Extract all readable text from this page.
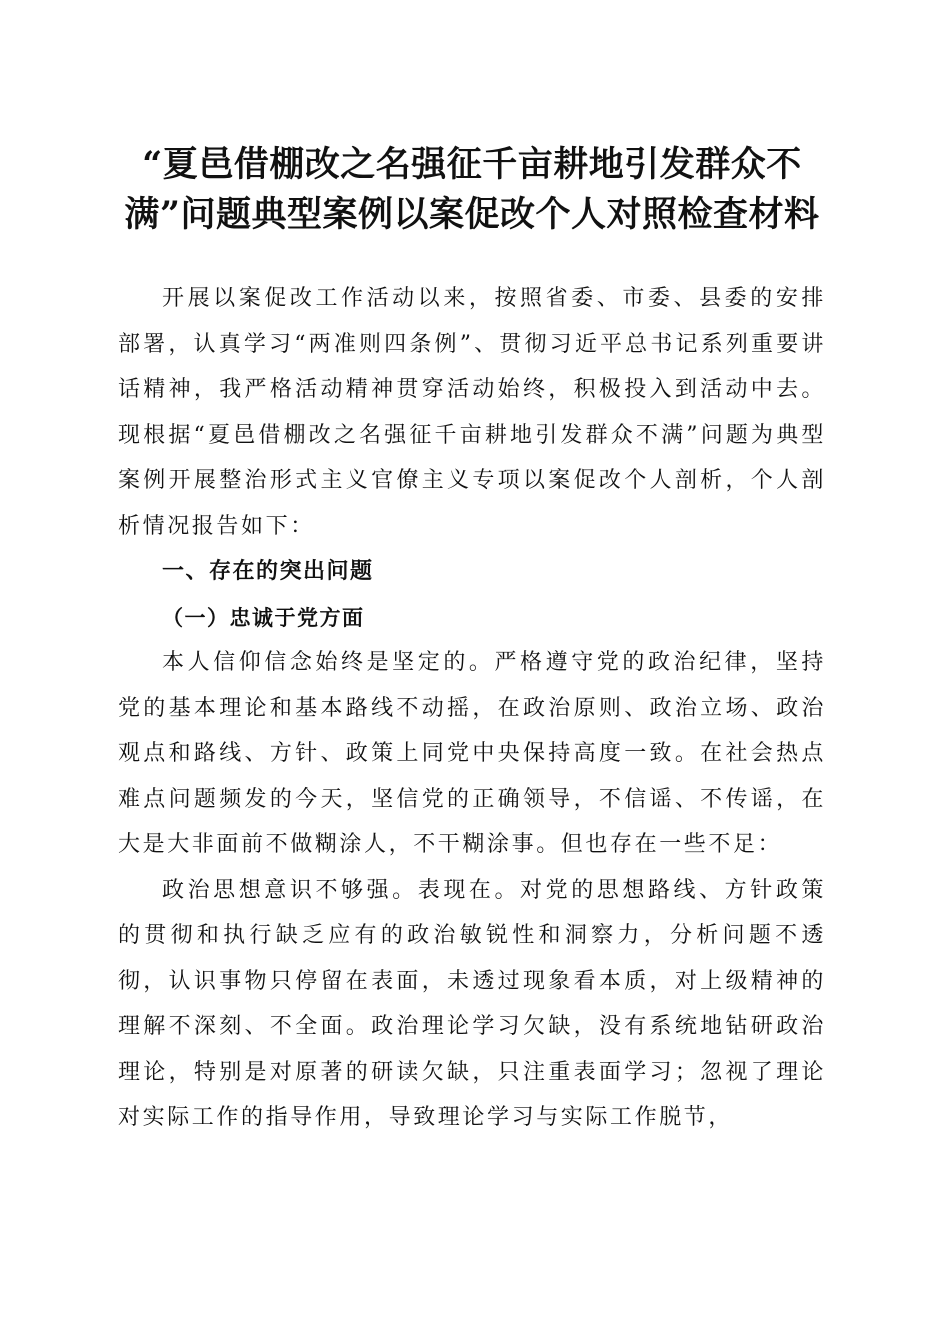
“夏邑借棚改之名强征千亩耕地引发群众不
满”问题典型案例以案促改个人对照检查材料

开展以案促改工作活动以来，按照省委、市委、县委的安排部署，认真学习“两准则四条例”、贯彻习近平总书记系列重要讲话精神，我严格活动精神贯穿活动始终，积极投入到活动中去。现根据“夏邑借棚改之名强征千亩耕地引发群众不满”问题为典型案例开展整治形式主义官僚主义专项以案促改个人剖析，个人剖析情况报告如下：

一、存在的突出问题

（一）忠诚于党方面

本人信仰信念始终是坚定的。严格遵守党的政治纪律，坚持党的基本理论和基本路线不动摇，在政治原则、政治立场、政治观点和路线、方针、政策上同党中央保持高度一致。在社会热点难点问题频发的今天，坚信党的正确领导，不信谣、不传谣，在大是大非面前不做糊涂人，不干糊涂事。但也存在一些不足：

政治思想意识不够强。表现在。对党的思想路线、方针政策的贯彻和执行缺乏应有的政治敏锐性和洞察力，分析问题不透彻，认识事物只停留在表面，未透过现象看本质，对上级精神的理解不深刻、不全面。政治理论学习欠缺，没有系统地钻研政治理论，特别是对原著的研读欠缺，只注重表面学习；忽视了理论对实际工作的指导作用，导致理论学习与实际工作脱节，
